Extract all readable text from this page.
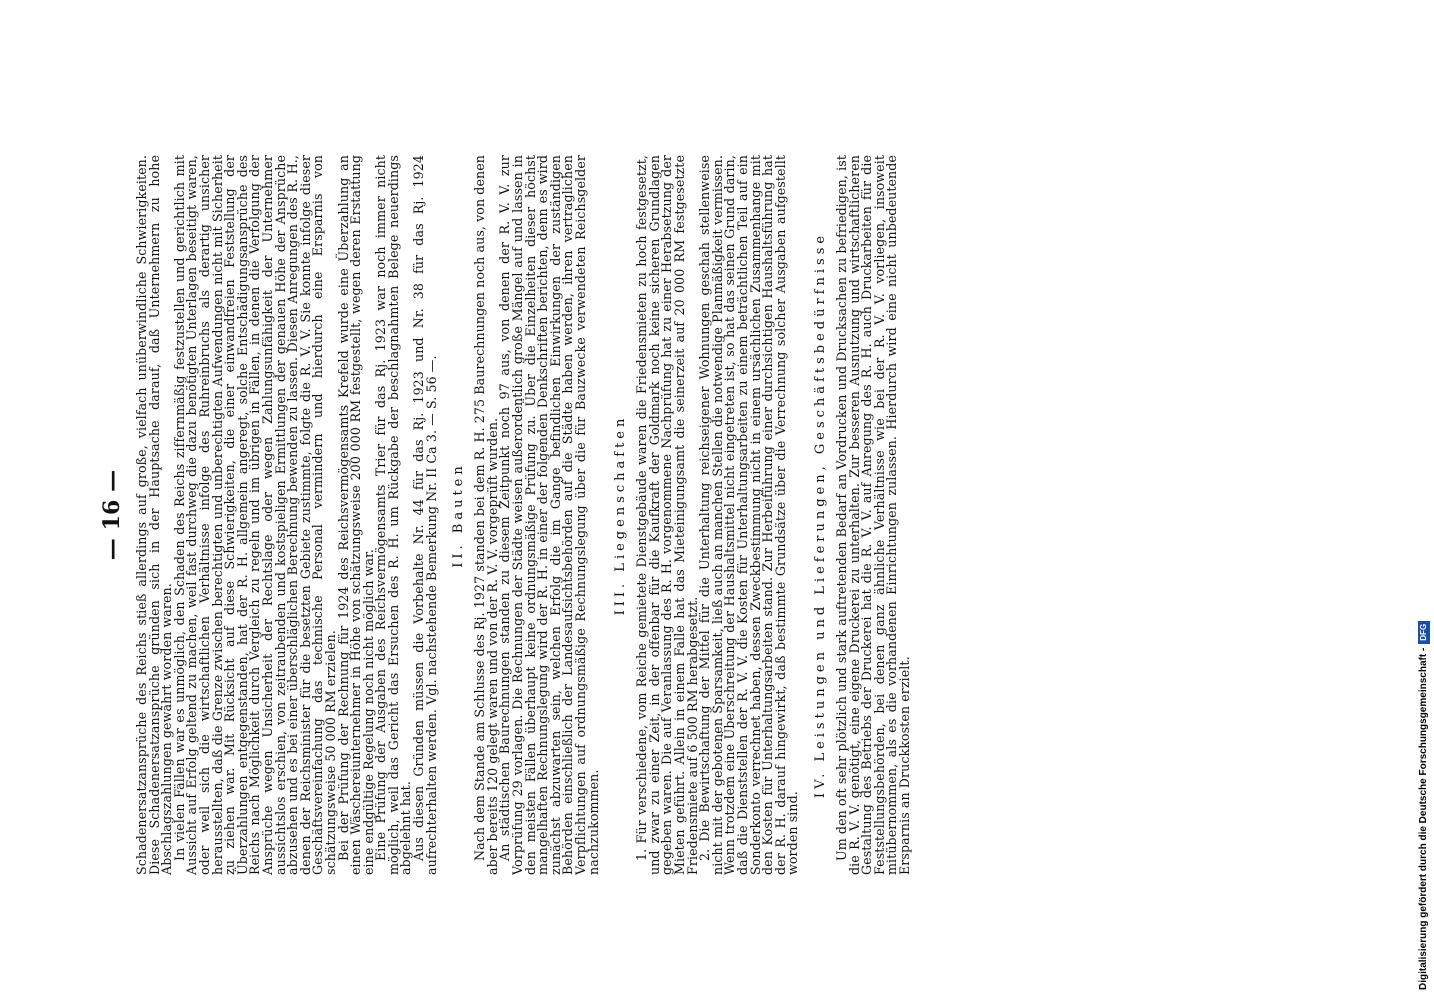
— 16 — Schadenersatzansprüche des Reichs stieß allerdings auf große, vielfach unüberwindliche Schwierigkeiten. Diese Schadenersatzansprüche gründen sich in der Hauptsache darauf, daß Unternehmern zu hohe Abschlagszahlungen gewährt worden waren.

In vielen Fällen war es unmöglich, den Schaden des Reichs ziffernmäßig festzustellen und gerichtlich mit Aussicht auf Erfolg geltend zu machen, weil fast durchweg die dazu benötigten Unterlagen beseitigt waren, oder weil sich die wirtschaftlichen Verhältnisse infolge des Ruhreinbruchs als derartig unsicher herausstellten, daß die Grenze zwischen berechtigten und unberechtigten Aufwendungen nicht mit Sicherheit zu ziehen war. Mit Rücksicht auf diese Schwierigkeiten, die einer einwandfreien Feststellung der Überzahlungen entgegenstanden, hat der R. H. allgemein angeregt, solche Entschädigungsansprüche des Reichs nach Möglichkeit durch Vergleich zu regeln und im übrigen in Fällen, in denen die Verfolgung der Ansprüche wegen Unsicherheit der Rechtslage oder wegen Zahlungsunfähigkeit der Unternehmer aussichtslos erschien, von zeitraubenden und kostspieligen Ermittlungen der genauen Höhe der Ansprüche abzusehen und es bei einer überschläglichen Berechnung bewenden zu lassen. Diesen Anregungen des R. H., denen der Reichsminister für die besetzten Gebiete zustimmte, folgte die R. V. V. Sie konnte infolge dieser Geschäftsvereinfachung das technische Personal vermindern und hierdurch eine Ersparnis von schätzungsweise 50 000 RM erzielen.

Bei der Prüfung der Rechnung für 1924 des Reichsvermögensamts Krefeld wurde eine Überzahlung an einen Wäschereiunternehmer in Höhe von schätzungsweise 200 000 RM festgestellt, wegen deren Erstattung eine endgültige Regelung noch nicht möglich war.

Eine Prüfung der Ausgaben des Reichsvermögensamts Trier für das Rj. 1923 war noch immer nicht möglich, weil das Gericht das Ersuchen des R. H. um Rückgabe der beschlagnahmten Belege neuerdings abgelehnt hat.

Aus diesen Gründen müssen die Vorbehalte Nr. 44 für das Rj. 1923 und Nr. 38 für das Rj. 1924 aufrechterhalten werden. Vgl. nachstehende Bemerkung Nr. II Ca 3. — S. 56 —. II. Bauten Nach dem Stande am Schlusse des Rj. 1927 standen bei dem R. H. 275 Baurechnungen noch aus, von denen aber bereits 120 gelegt waren und von der R. V. V. vorgeprüft wurden.

An städtischen Baurechnungen standen zu diesem Zeitpunkt noch 97 aus, von denen der R. V. V. zur Vorprüfung 29 vorlagen. Die Rechnungen der Städte weisen außerordentlich große Mängel auf und lassen in den meisten Fällen überhaupt keine ordnungsmäßige Prüfung zu. Über die Einzelheiten dieser höchst mangelhaften Rechnungslegung wird der R. H. in einer der folgenden Denkschriften berichten, denn es wird zunächst abzuwarten sein, welchen Erfolg die im Gange befindlichen Einwirkungen der zuständigen Behörden einschließlich der Landesaufsichtsbehörden auf die Städte haben werden, ihren vertraglichen Verpflichtungen auf ordnungsmäßige Rechnungslegung über die für Bauzwecke verwendeten Reichsgelder nachzukommen.

III. Liegenschaften 1. Für verschiedene, vom Reiche gemietete Dienstgebäude waren die Friedensmieten zu hoch festgesetzt, und zwar zu einer Zeit, in der offenbar für die Kaufkraft der Goldmark noch keine sicheren Grundlagen gegeben waren. Die auf Veranlassung des R. H. vorgenommene Nachprüfung hat zu einer Herabsetzung der Mieten geführt. Allein in einem Falle hat das Mieteinigungsamt die seinerzeit auf 20 000 RM festgesetzte Friedensmiete auf 6 500 RM herabgesetzt.

2. Die Bewirtschaftung der Mittel für die Unterhaltung reichseigener Wohnungen geschah stellenweise nicht mit der gebotenen Sparsamkeit, ließ auch an manchen Stellen die notwendige Planmäßigkeit vermissen. Wenn trotzdem eine Überschreitung der Haushaltsmittel nicht eingetreten ist, so hat das seinen Grund darin, daß die Dienststellen der R. V. V. die Kosten für Unterhaltungsarbeiten zu einem beträchtlichen Teil auf ein Sonderkonto verrechnet haben, dessen Zweckbestimmung nicht in einem ursächlichen Zusammenhange mit den Kosten für Unterhaltungsarbeiten stand. Zur Herbeiführung einer durchsichtigen Haushaltsführung hat der R. H. darauf hingewirkt, daß bestimmte Grundsätze über die Verrechnung solcher Ausgaben aufgestellt worden sind.

IV. Leistungen und Lieferungen, Geschäftsbedürfnisse Um den oft sehr plötzlich und stark auftretenden Bedarf an Vordrucken und Drucksachen zu befriedigen, ist die R. V. V. genötigt, eine eigene Druckerei zu unterhalten. Zur besseren Ausnutzung und wirtschaftlicheren Gestaltung des Betriebs der Druckerei hat die R. V. V. auf Anregung des R. H. auch Druckarbeiten für die Feststellungsbehörden, bei denen ganz ähnliche Verhältnisse wie bei der R. V. V. vorliegen, insoweit mitübernommen, als es die vorhandenen Einrichtungen zulassen. Hierdurch wird eine nicht unbedeutende Ersparnis an Druckkosten erzielt.	Digitalisierung gefördert durch die Deutsche Forschungsgemeinschaft -
DFG
